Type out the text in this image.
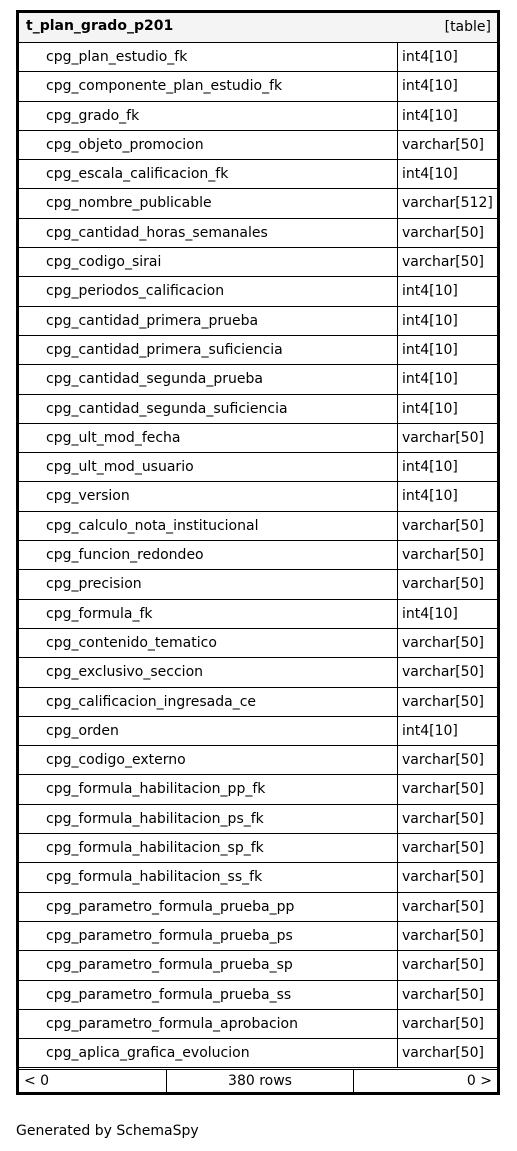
t_plan_grado_p201	[table]
cpg_plan_estudio_fk	int4[10]
cpg_componente_plan_estudio_fk	int4[10]
cpg_grado_fk	int4[10]
cpg_objeto_promocion	varchar[50]
cpg_escala_calificacion_fk	int4[10]
cpg_nombre_publicable	varchar[512]
cpg_cantidad_horas_semanales	varchar[50]
cpg_codigo_sirai	varchar[50]
cpg_periodos_calificacion	int4[10]
cpg_cantidad_primera_prueba	int4[10]
cpg_cantidad_primera_suficiencia	int4[10]
cpg_cantidad_segunda_prueba	int4[10]
cpg_cantidad_segunda_suficiencia	int4[10]
cpg_ult_mod_fecha	varchar[50]
cpg_ult_mod_usuario	int4[10]
cpg_version	int4[10]
cpg_calculo_nota_institucional	varchar[50]
cpg_funcion_redondeo	varchar[50]
cpg_precision	varchar[50]
cpg_formula_fk	int4[10]
cpg_contenido_tematico	varchar[50]
cpg_exclusivo_seccion	varchar[50]
cpg_calificacion_ingresada_ce	varchar[50]
cpg_orden	int4[10]
cpg_codigo_externo	varchar[50]
cpg_formula_habilitacion_pp_fk	varchar[50]
cpg_formula_habilitacion_ps_fk	varchar[50]
cpg_formula_habilitacion_sp_fk	varchar[50]
cpg_formula_habilitacion_ss_fk	varchar[50]
cpg_parametro_formula_prueba_pp	varchar[50]
cpg_parametro_formula_prueba_ps	varchar[50]
cpg_parametro_formula_prueba_sp	varchar[50]
cpg_parametro_formula_prueba_ss	varchar[50]
cpg_parametro_formula_aprobacion	varchar[50]
cpg_aplica_grafica_evolucion	varchar[50]
< 0	380 rows	0 >
Generated by SchemaSpy
